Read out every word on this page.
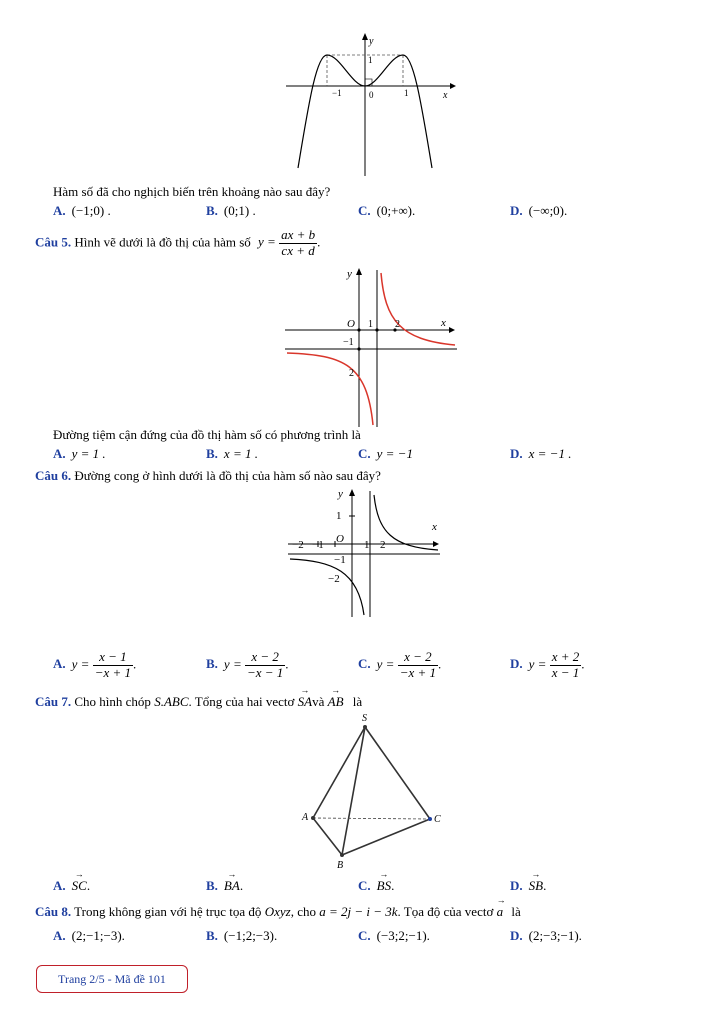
y
1
−1	0	1	x
Hàm số đã cho nghịch biến trên khoảng nào sau đây?
A. (−1;0) .	B. (0;1) .	C. (0;+∞).	D. (−∞;0).
Câu 5. Hình vẽ dưới là đồ thị của hàm số $y = \frac{ax + b}{cx + d}$ .
y
O 1 2	x
−1
2
Đường tiệm cận đứng của đồ thị hàm số có phương trình là
A. y = 1 .	B. x = 1 .	C. y = −1	D. x = −1 .
Câu 6. Đường cong ở hình dưới là đồ thị của hàm số nào sau đây?
y
1
x
−2 −1 O 1 2
−1
−2
A. $y = \frac{x - 1}{-x + 1}$ .	B. $y = \frac{x - 2}{-x - 1}$ .	C. $y = \frac{x - 2}{-x + 1}$ .	D. $y = \frac{x + 2}{x - 1}$ .
Câu 7. Cho hình chóp S.ABC. Tổng của hai vectơ → SAvà → AB là
S
A
B
C
A. → SC.	B. → BA.	C. → BS.	D. → SB.
Câu 8. Trong không gian với hệ trục tọa độ Oxyz, cho a = 2j − i − 3k. Tọa độ của vectơ → a là
A. (2;−1;−3).	B. (−1;2;−3).	C. (−3;2;−1).	D. (2;−3;−1).
Trang 2/5 - Mã đề 101
